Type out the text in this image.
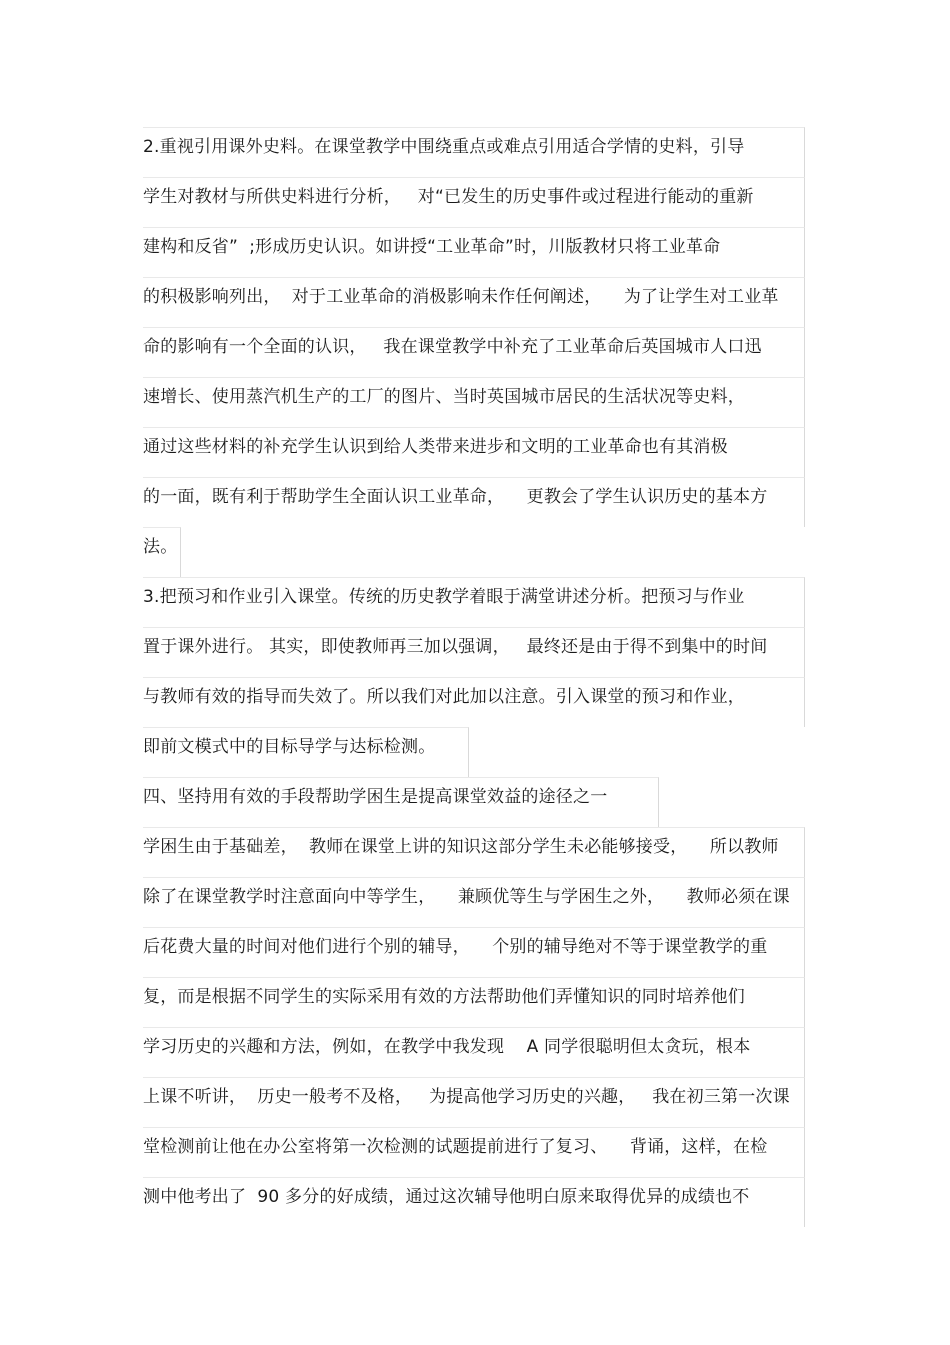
2.重视引用课外史料。在课堂教学中围绕重点或难点引用适合学情的史料，引导
学生对教材与所供史料进行分析，   对“已发生的历史事件或过程进行能动的重新
建构和反省”  ;形成历史认识。如讲授“工业革命”时，川版教材只将工业革命
的积极影响列出，  对于工业革命的消极影响未作任何阐述，    为了让学生对工业革
命的影响有一个全面的认识，   我在课堂教学中补充了工业革命后英国城市人口迅
速增长、使用蒸汽机生产的工厂的图片、当时英国城市居民的生活状况等史料，
通过这些材料的补充学生认识到给人类带来进步和文明的工业革命也有其消极
的一面，既有利于帮助学生全面认识工业革命，    更教会了学生认识历史的基本方
法。
3.把预习和作业引入课堂。传统的历史教学着眼于满堂讲述分析。把预习与作业
置于课外进行。 其实，即使教师再三加以强调，   最终还是由于得不到集中的时间
与教师有效的指导而失效了。所以我们对此加以注意。引入课堂的预习和作业，
即前文模式中的目标导学与达标检测。
四、坚持用有效的手段帮助学困生是提高课堂效益的途径之一
学困生由于基础差，  教师在课堂上讲的知识这部分学生未必能够接受，    所以教师
除了在课堂教学时注意面向中等学生，    兼顾优等生与学困生之外，    教师必须在课
后花费大量的时间对他们进行个别的辅导，    个别的辅导绝对不等于课堂教学的重
复，而是根据不同学生的实际采用有效的方法帮助他们弄懂知识的同时培养他们
学习历史的兴趣和方法，例如，在教学中我发现    A 同学很聪明但太贪玩，根本
上课不听讲，  历史一般考不及格，   为提高他学习历史的兴趣，   我在初三第一次课
堂检测前让他在办公室将第一次检测的试题提前进行了复习、    背诵，这样，在检
测中他考出了  90 多分的好成绩，通过这次辅导他明白原来取得优异的成绩也不
